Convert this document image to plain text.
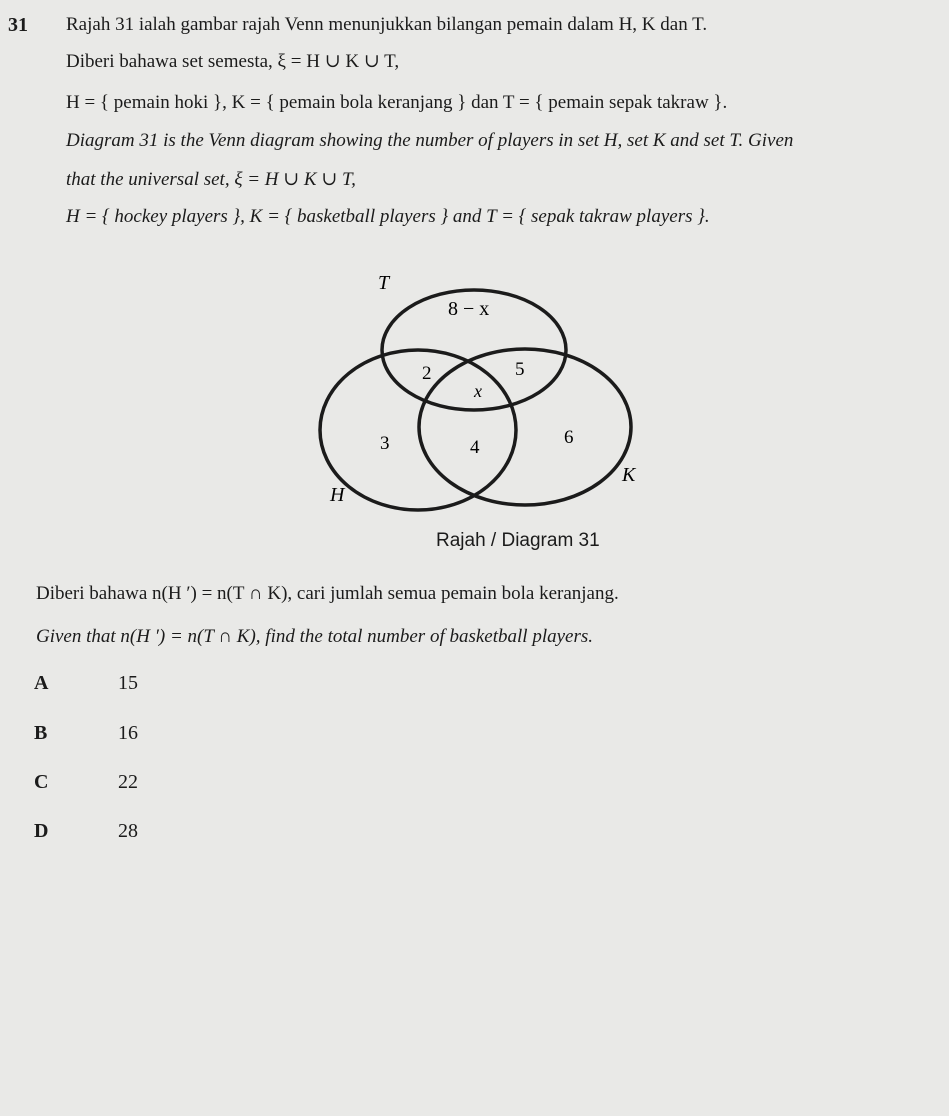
31 Rajah 31 ialah gambar rajah Venn menunjukkan bilangan pemain dalam H, K dan T.
Diberi bahawa set semesta, ξ = H ∪ K ∪ T,
H = { pemain hoki }, K = { pemain bola keranjang } dan T = { pemain sepak takraw }.
Diagram 31 is the Venn diagram showing the number of players in set H, set K and set T. Given
that the universal set, ξ = H ∪ K ∪ T,
H = { hockey players }, K = { basketball players } and T = { sepak takraw players }.
T
H
K
8 − x
2	5
x
3	4	6
Rajah / Diagram 31
Diberi bahawa n(H ′) = n(T ∩ K), cari jumlah semua pemain bola keranjang.
Given that n(H ′) = n(T ∩ K), find the total number of basketball players.
A	15
B	16
C	22
D	28
